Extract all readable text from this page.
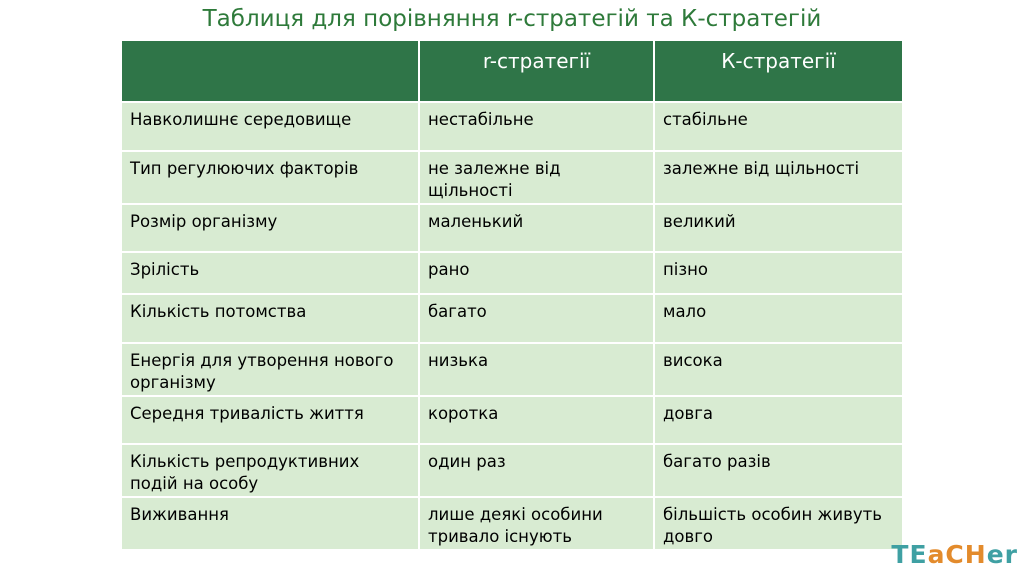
Таблиця для порівняння r-стратегій та К-стратегій
	r-стратегії	К-стратегії
Навколишнє середовище	нестабільне	стабільне
Тип регулюючих факторів	не залежне від щільності	залежне від щільності
Розмір організму	маленький	великий
Зрілість	рано	пізно
Кількість потомства	багато	мало
Енергія для утворення нового організму	низька	висока
Середня тривалість життя	коротка	довга
Кількість репродуктивних подій на особу	один раз	багато разів
Виживання	лише деякі особини тривало існують	більшість особин живуть довго
TEaCHer
